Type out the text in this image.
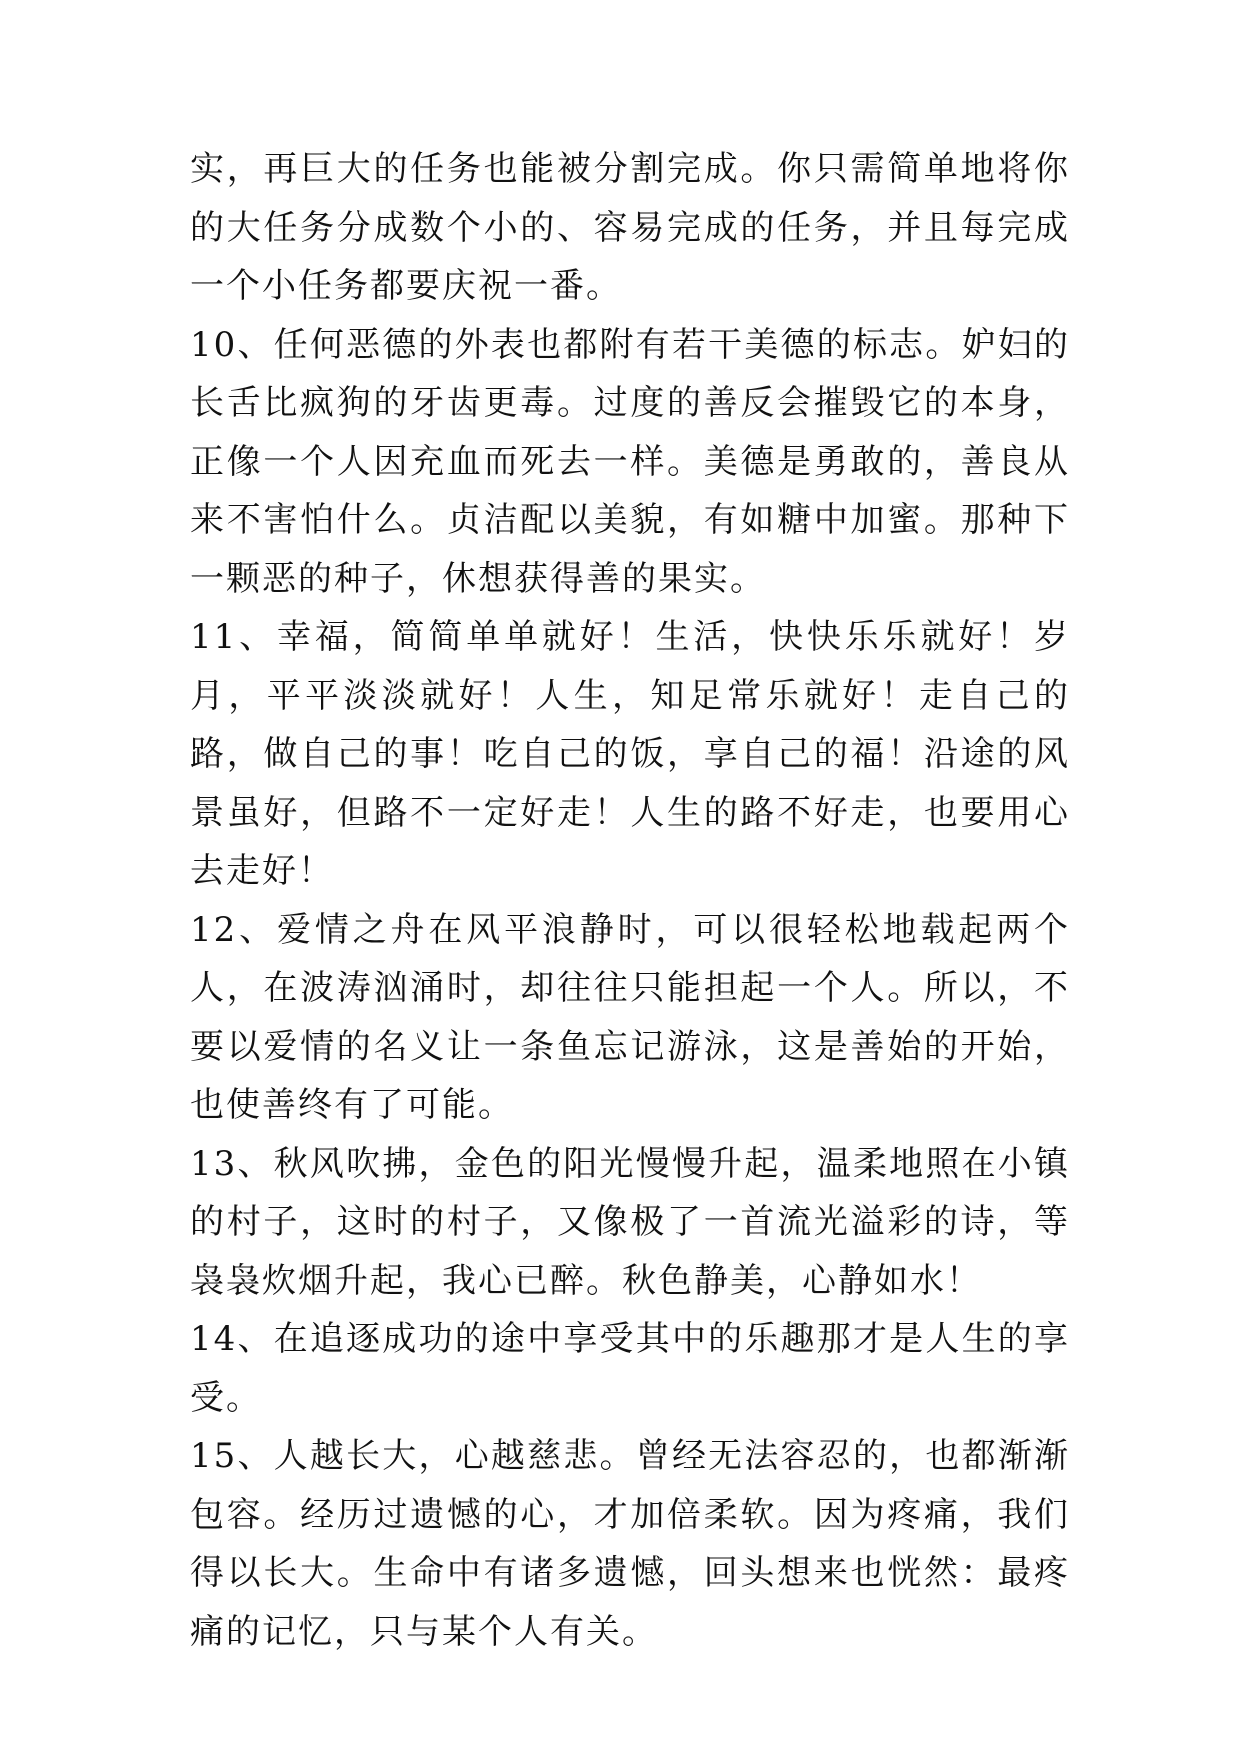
实，再巨大的任务也能被分割完成。你只需简单地将你的大任务分成数个小的、容易完成的任务，并且每完成一个小任务都要庆祝一番。

10、任何恶德的外表也都附有若干美德的标志。妒妇的长舌比疯狗的牙齿更毒。过度的善反会摧毁它的本身，正像一个人因充血而死去一样。美德是勇敢的，善良从来不害怕什么。贞洁配以美貌，有如糖中加蜜。那种下一颗恶的种子，休想获得善的果实。

11、幸福，简简单单就好！生活，快快乐乐就好！岁月，平平淡淡就好！人生，知足常乐就好！走自己的路，做自己的事！吃自己的饭，享自己的福！沿途的风景虽好，但路不一定好走！人生的路不好走，也要用心去走好！

12、爱情之舟在风平浪静时，可以很轻松地载起两个人，在波涛汹涌时，却往往只能担起一个人。所以，不要以爱情的名义让一条鱼忘记游泳，这是善始的开始，也使善终有了可能。

13、秋风吹拂，金色的阳光慢慢升起，温柔地照在小镇的村子，这时的村子，又像极了一首流光溢彩的诗，等袅袅炊烟升起，我心已醉。秋色静美，心静如水！

14、在追逐成功的途中享受其中的乐趣那才是人生的享受。

15、人越长大，心越慈悲。曾经无法容忍的，也都渐渐包容。经历过遗憾的心，才加倍柔软。因为疼痛，我们得以长大。生命中有诸多遗憾，回头想来也恍然：最疼痛的记忆，只与某个人有关。
